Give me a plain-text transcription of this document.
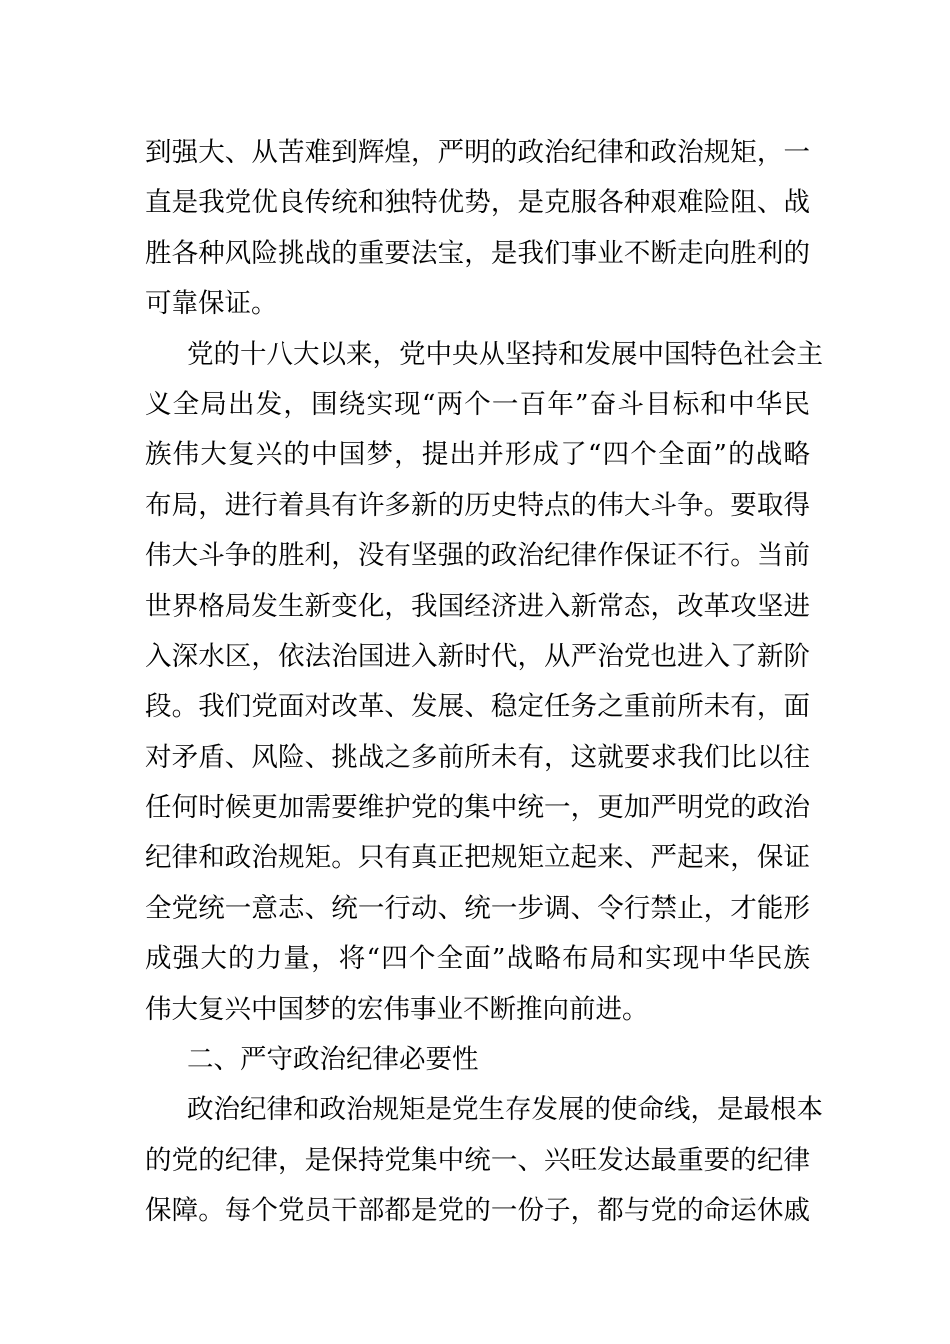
到强大、从苦难到辉煌，严明的政治纪律和政治规矩，一
直是我党优良传统和独特优势，是克服各种艰难险阻、战
胜各种风险挑战的重要法宝，是我们事业不断走向胜利的
可靠保证。
党的十八大以来，党中央从坚持和发展中国特色社会主
义全局出发，围绕实现“两个一百年”奋斗目标和中华民
族伟大复兴的中国梦，提出并形成了“四个全面”的战略
布局，进行着具有许多新的历史特点的伟大斗争。要取得
伟大斗争的胜利，没有坚强的政治纪律作保证不行。当前
世界格局发生新变化，我国经济进入新常态，改革攻坚进
入深水区，依法治国进入新时代，从严治党也进入了新阶
段。我们党面对改革、发展、稳定任务之重前所未有，面
对矛盾、风险、挑战之多前所未有，这就要求我们比以往
任何时候更加需要维护党的集中统一，更加严明党的政治
纪律和政治规矩。只有真正把规矩立起来、严起来，保证
全党统一意志、统一行动、统一步调、令行禁止，才能形
成强大的力量，将“四个全面”战略布局和实现中华民族
伟大复兴中国梦的宏伟事业不断推向前进。
二、严守政治纪律必要性
政治纪律和政治规矩是党生存发展的使命线，是最根本
的党的纪律，是保持党集中统一、兴旺发达最重要的纪律
保障。每个党员干部都是党的一份子，都与党的命运休戚
